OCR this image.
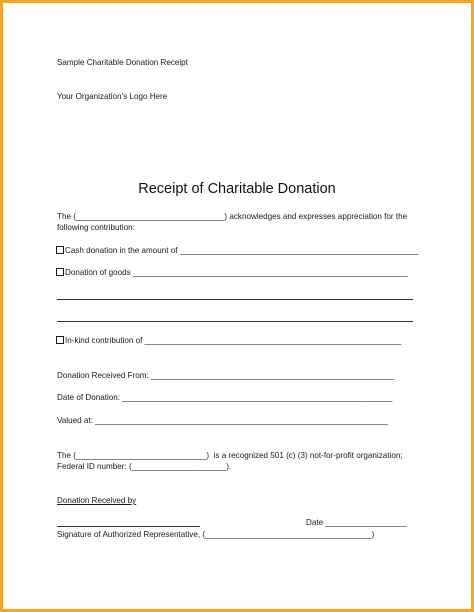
Sample Charitable Donation Receipt

Your Organization’s Logo Here

Receipt of Charitable Donation

The (_________________________________) acknowledges and expresses appreciation for the

following contribution:

Cash donation in the amount of _____________________________________________________

Donation of goods _____________________________________________________________

In-kind contribution of _________________________________________________________

Donation Received From: ______________________________________________________

Date of Donation: ____________________________________________________________

Valued at: _________________________________________________________________

The (_____________________________)  is a recognized 501 (c) (3) not-for-profit organization;

Federal ID number: (_____________________).

Donation Received by

Date __________________

Signature of Authorized Representative, (_____________________________________)
